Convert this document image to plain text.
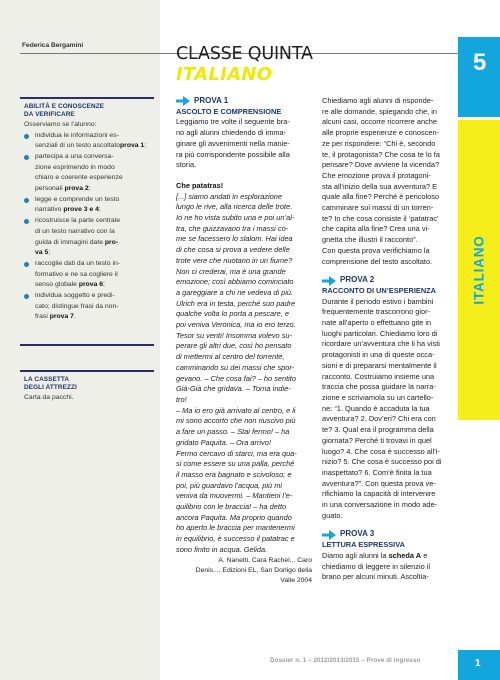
Federica Bergamini
ABILITÀ E CONOSCENZE
DA VERIFICARE
Osserviamo se l’alunno:
individua le informazioni es-
senziali di un testo ascoltatoprova 1;
partecipa a una conversa-
zione esprimendo in modo
chiaro e coerente esperienze
personali prova 2;
legge e comprende un testo
narrativo prove 3 e 4;
ricostruisce la parte centrale
di un testo narrativo con la
guida di immagini date pro-
va 5;
raccoglie dati da un testo in-
formativo e ne sa cogliere il
senso globale prova 6;
individua soggetto e predi-
cato; distingue frasi da non-
frasi prova 7.
LA CASSETTA
DEGLI ATTREZZI
Carta da pacchi.
CLASSE QUINTA
ITALIANO	5
ITALIANO
PROVA 1
ASCOLTO E COMPRENSIONE
Leggiamo tre volte il seguente bra-
no agli alunni chiedendo di imma-
ginare gli avvenimenti nella manie-
ra più corrispondente possibile alla
storia.
Che patatras!
[...] siamo andati in esplorazione
lungo le rive, alla ricerca delle trote.
Io ne ho vista subito una e poi un’al-
tra, che guizzavano tra i massi co-
me se facessero lo slalom. Hai idea
di che cosa si prova a vedere delle
trote vere che nuotano in un fiume?
Non ci crederai, ma è una grande
emozione; così abbiamo cominciato
a gareggiare a chi ne vedeva di più.
Ulrich era in testa, perché suo padre
qualche volta lo porta a pescare, e
poi veniva Veronica, ma io ero terzo.
Tesor su venti! Insomma volevo su-
perare gli altri due, così ho pensato
di mettermi al centro del torrente,
camminando su dei massi che spor-
gevano. – Che cosa fai? – ho sentito
Già-Già che gridava. – Torna indie-
tro!
– Ma io ero già arrivato al centro, e li
mi sono accorto che non riuscivo più
a fare un passo. – Stai fermo! – ha
gridato Paquita. – Ora arrivo!
Fermo cercavo di starci, ma era qua-
si come essere su una palla, perché
il masso era bagnato e scivoloso; e
poi, più guardavo l’acqua, più mi
veniva da muovermi. – Mantieni l’e-
quilibrio con le braccia! – ha detto
ancora Paquita. Ma proprio quando
ho aperto le braccia per mantenermi
in equilibrio, è successo il patatrac e
sono finito in acqua. Gelida.
A. Nanetti, Cara Rachel... Caro
Denis..., Edizioni EL, San Dorligo della
Valle 2004
Chiediamo agli alunni di risponde-
re alle domande, spiegando che, in
alcuni casi, occorre ricorrere anche
alle proprie esperienze e conoscen-
ze per rispondere: “Chi è, secondo
te, il protagonista? Che cosa te lo fa
pensare? Dove avviene la vicenda?
Che emozione prova il protagoni-
sta all’inizio della sua avventura? E
quale alla fine? Perché è pericoloso
camminare sui massi di un torren-
te? In che cosa consiste il ‘patatrac’
che capita alla fine? Crea una vi-
gnetta che illustri il racconto”.
Con questa prova verifichiamo la
comprensione del testo ascoltato.
PROVA 2
RACCONTO DI UN’ESPERIENZA
Durante il periodo estivo i bambini
frequentemente trascorrono gior-
nate all’aperto o effettuano gite in
luoghi particolari. Chiediamo loro di
ricordare un’avventura che li ha visti
protagonisti in una di queste occa-
sioni e di prepararsi mentalmente il
racconto. Costruiamo insieme una
traccia che possa guidare la narra-
zione e scriviamola su un cartello-
ne: “1. Quando è accaduta la tua
avventura? 2. Dov’eri? Chi era con
te? 3. Qual era il programma della
giornata? Perché ti trovavi in quel
luogo? 4. Che cosa è successo all’i-
nizio? 5. Che cosa è successo poi di
inaspettato? 6. Com’è finita la tua
avventura?”. Con questa prova ve-
rifichiamo la capacità di intervenire
in una conversazione in modo ade-
guato.
PROVA 3
LETTURA ESPRESSIVA
Diamo agli alunni la scheda A e
chiediamo di leggere in silenzio il
brano per alcuni minuti. Ascoltia-
Dossier n. 1 – 2012/2013/2015 – Prove di ingresso	1
